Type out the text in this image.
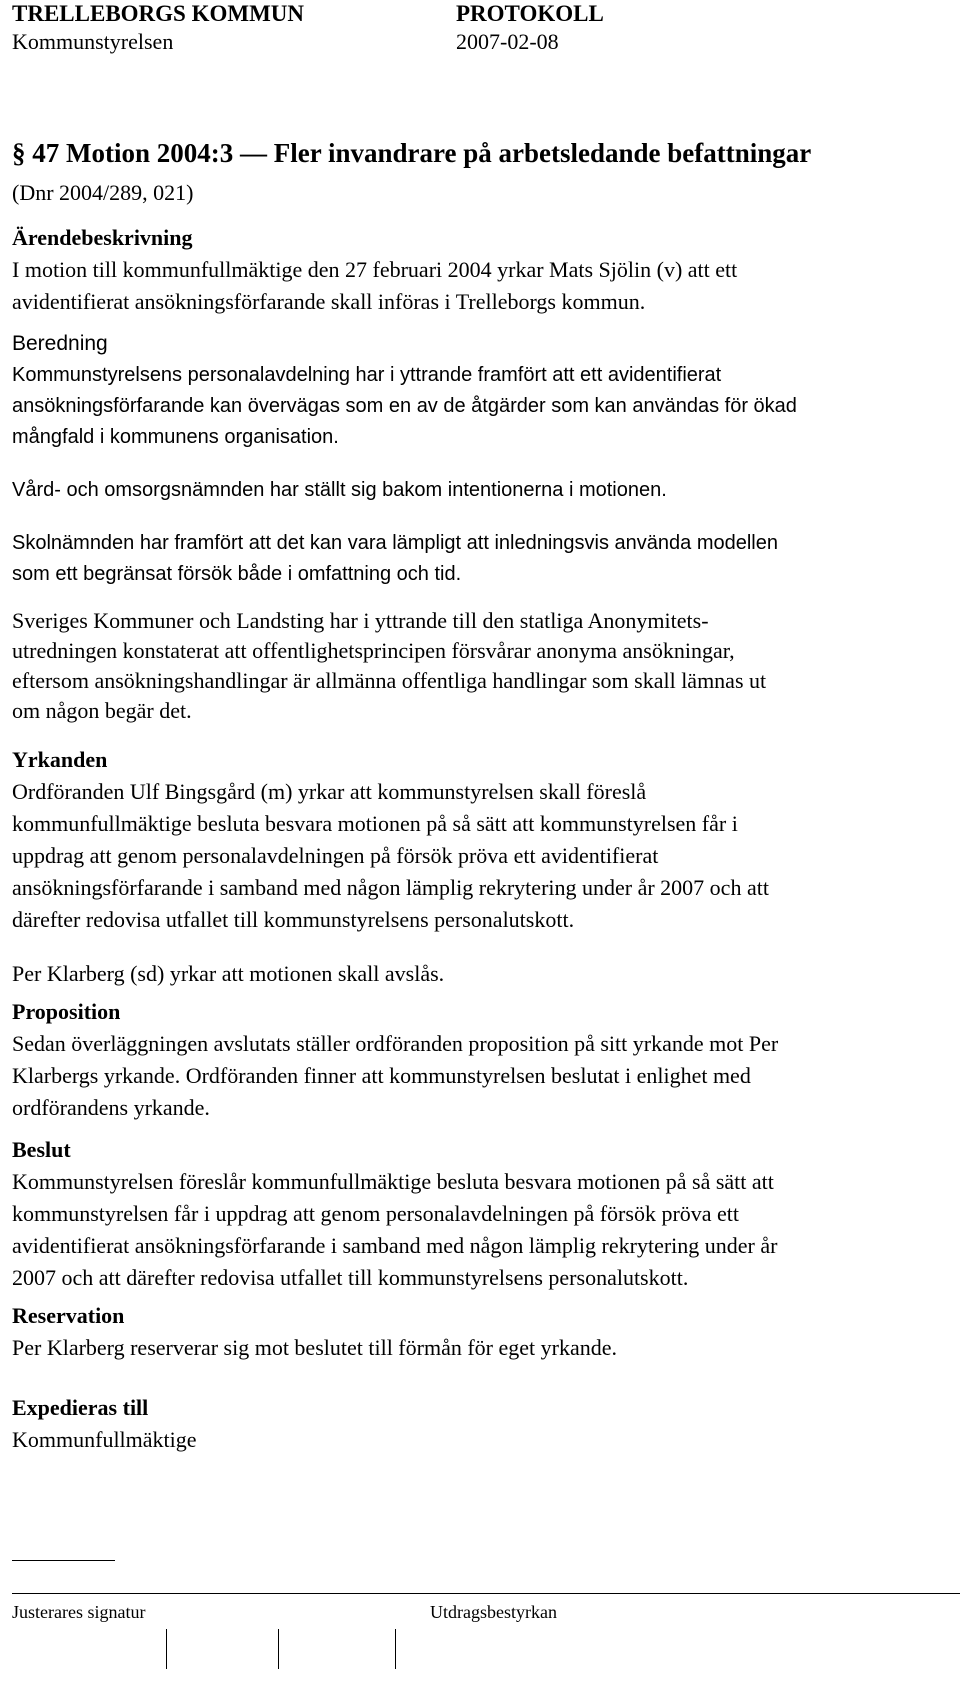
TRELLEBORGS KOMMUN	PROTOKOLL
Kommunstyrelsen	2007-02-08
§ 47 Motion 2004:3 — Fler invandrare på arbetsledande befattningar
(Dnr 2004/289, 021)
Ärendebeskrivning

I motion till kommunfullmäktige den 27 februari 2004 yrkar Mats Sjölin (v) att ett
avidentifierat ansökningsförfarande skall införas i Trelleborgs kommun.

Beredning

Kommunstyrelsens personalavdelning har i yttrande framfört att ett avidentifierat
ansökningsförfarande kan övervägas som en av de åtgärder som kan användas för ökad
mångfald i kommunens organisation.

Vård- och omsorgsnämnden har ställt sig bakom intentionerna i motionen.

Skolnämnden har framfört att det kan vara lämpligt att inledningsvis använda modellen
som ett begränsat försök både i omfattning och tid.

Sveriges Kommuner och Landsting har i yttrande till den statliga Anonymitets-
utredningen konstaterat att offentlighetsprincipen försvårar anonyma ansökningar,
eftersom ansökningshandlingar är allmänna offentliga handlingar som skall lämnas ut
om någon begär det.

Yrkanden

Ordföranden Ulf Bingsgård (m) yrkar att kommunstyrelsen skall föreslå
kommunfullmäktige besluta besvara motionen på så sätt att kommunstyrelsen får i
uppdrag att genom personalavdelningen på försök pröva ett avidentifierat
ansökningsförfarande i samband med någon lämplig rekrytering under år 2007 och att
därefter redovisa utfallet till kommunstyrelsens personalutskott.

Per Klarberg (sd) yrkar att motionen skall avslås.

Proposition

Sedan överläggningen avslutats ställer ordföranden proposition på sitt yrkande mot Per
Klarbergs yrkande. Ordföranden finner att kommunstyrelsen beslutat i enlighet med
ordförandens yrkande.

Beslut

Kommunstyrelsen föreslår kommunfullmäktige besluta besvara motionen på så sätt att
kommunstyrelsen får i uppdrag att genom personalavdelningen på försök pröva ett
avidentifierat ansökningsförfarande i samband med någon lämplig rekrytering under år
2007 och att därefter redovisa utfallet till kommunstyrelsens personalutskott.

Reservation

Per Klarberg reserverar sig mot beslutet till förmån för eget yrkande.

Expedieras till

Kommunfullmäktige

Justerares signatur	Utdragsbestyrkan
